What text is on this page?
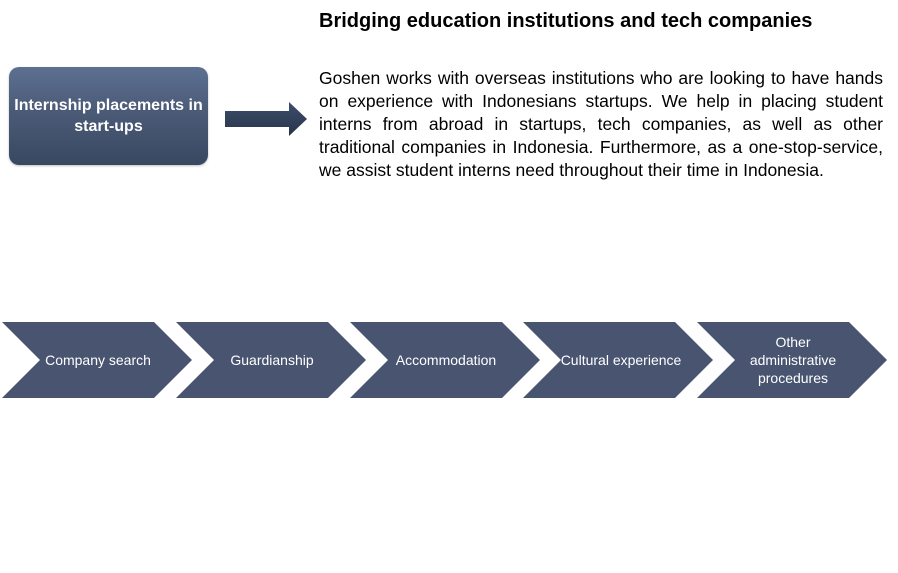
Bridging education institutions and tech companies
Internship placements in
start-ups

Goshen works with overseas institutions who are looking to have hands on experience with Indonesians startups. We help in placing student interns from abroad in startups, tech companies, as well as other traditional companies in Indonesia. Furthermore, as a one-stop-service, we assist student interns need throughout their time in Indonesia.

Company search	Guardianship	Accommodation	Cultural experience
Other administrative procedures
